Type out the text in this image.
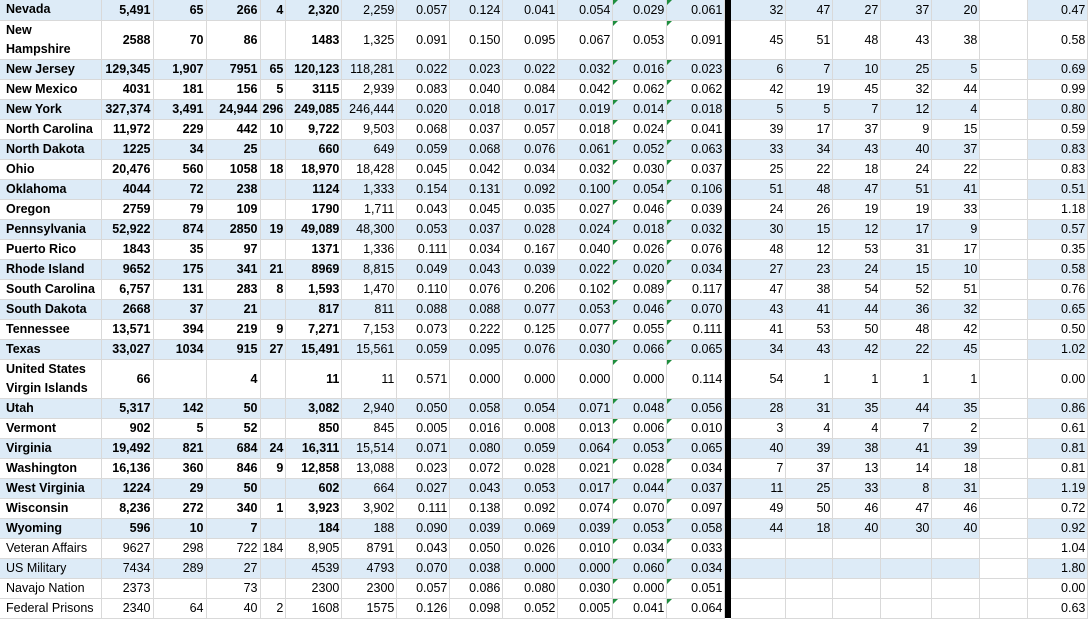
Nevada	5,491	65	266	4	2,320	2,259	0.057	0.124	0.041	0.054	0.029	0.061		32	47	27	37	20		0.47
New Hampshire	2588	70	86		1483	1,325	0.091	0.150	0.095	0.067	0.053	0.091		45	51	48	43	38		0.58
New Jersey	129,345	1,907	7951	65	120,123	118,281	0.022	0.023	0.022	0.032	0.016	0.023		6	7	10	25	5		0.69
New Mexico	4031	181	156	5	3115	2,939	0.083	0.040	0.084	0.042	0.062	0.062		42	19	45	32	44		0.99
New York	327,374	3,491	24,944	296	249,085	246,444	0.020	0.018	0.017	0.019	0.014	0.018		5	5	7	12	4		0.80
North Carolina	11,972	229	442	10	9,722	9,503	0.068	0.037	0.057	0.018	0.024	0.041		39	17	37	9	15		0.59
North Dakota	1225	34	25		660	649	0.059	0.068	0.076	0.061	0.052	0.063		33	34	43	40	37		0.83
Ohio	20,476	560	1058	18	18,970	18,428	0.045	0.042	0.034	0.032	0.030	0.037		25	22	18	24	22		0.83
Oklahoma	4044	72	238		1124	1,333	0.154	0.131	0.092	0.100	0.054	0.106		51	48	47	51	41		0.51
Oregon	2759	79	109		1790	1,711	0.043	0.045	0.035	0.027	0.046	0.039		24	26	19	19	33		1.18
Pennsylvania	52,922	874	2850	19	49,089	48,300	0.053	0.037	0.028	0.024	0.018	0.032		30	15	12	17	9		0.57
Puerto Rico	1843	35	97		1371	1,336	0.111	0.034	0.167	0.040	0.026	0.076		48	12	53	31	17		0.35
Rhode Island	9652	175	341	21	8969	8,815	0.049	0.043	0.039	0.022	0.020	0.034		27	23	24	15	10		0.58
South Carolina	6,757	131	283	8	1,593	1,470	0.110	0.076	0.206	0.102	0.089	0.117		47	38	54	52	51		0.76
South Dakota	2668	37	21		817	811	0.088	0.088	0.077	0.053	0.046	0.070		43	41	44	36	32		0.65
Tennessee	13,571	394	219	9	7,271	7,153	0.073	0.222	0.125	0.077	0.055	0.111		41	53	50	48	42		0.50
Texas	33,027	1034	915	27	15,491	15,561	0.059	0.095	0.076	0.030	0.066	0.065		34	43	42	22	45		1.02
United States Virgin Islands	66		4		11	11	0.571	0.000	0.000	0.000	0.000	0.114		54	1	1	1	1		0.00
Utah	5,317	142	50		3,082	2,940	0.050	0.058	0.054	0.071	0.048	0.056		28	31	35	44	35		0.86
Vermont	902	5	52		850	845	0.005	0.016	0.008	0.013	0.006	0.010		3	4	4	7	2		0.61
Virginia	19,492	821	684	24	16,311	15,514	0.071	0.080	0.059	0.064	0.053	0.065		40	39	38	41	39		0.81
Washington	16,136	360	846	9	12,858	13,088	0.023	0.072	0.028	0.021	0.028	0.034		7	37	13	14	18		0.81
West Virginia	1224	29	50		602	664	0.027	0.043	0.053	0.017	0.044	0.037		11	25	33	8	31		1.19
Wisconsin	8,236	272	340	1	3,923	3,902	0.111	0.138	0.092	0.074	0.070	0.097		49	50	46	47	46		0.72
Wyoming	596	10	7		184	188	0.090	0.039	0.069	0.039	0.053	0.058		44	18	40	30	40		0.92
Veteran Affairs	9627	298	722	184	8,905	8791	0.043	0.050	0.026	0.010	0.034	0.033								1.04
US Military	7434	289	27		4539	4793	0.070	0.038	0.000	0.000	0.060	0.034								1.80
Navajo Nation	2373		73		2300	2300	0.057	0.086	0.080	0.030	0.000	0.051								0.00
Federal Prisons	2340	64	40	2	1608	1575	0.126	0.098	0.052	0.005	0.041	0.064								0.63
